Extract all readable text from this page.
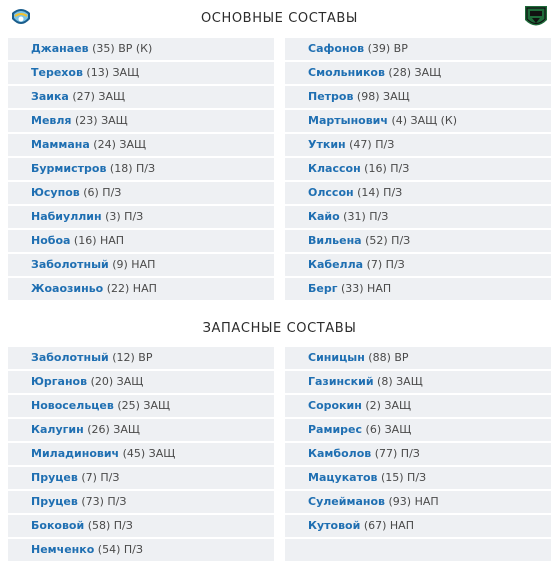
ОСНОВНЫЕ СОСТАВЫ
Джанаев (35) ВР (К)
Терехов (13) ЗАЩ
Заика (27) ЗАЩ
Мевля (23) ЗАЩ
Маммана (24) ЗАЩ
Бурмистров (18) П/З
Юсупов (6) П/З
Набиуллин (3) П/З
Нобоа (16) НАП
Заболотный (9) НАП
Жоаозиньо (22) НАП
Сафонов (39) ВР
Смольников (28) ЗАЩ
Петров (98) ЗАЩ
Мартынович (4) ЗАЩ (К)
Уткин (47) П/З
Классон (16) П/З
Олссон (14) П/З
Кайо (31) П/З
Вильена (52) П/З
Кабелла (7) П/З
Берг (33) НАП
ЗАПАСНЫЕ СОСТАВЫ
Заболотный (12) ВР
Юрганов (20) ЗАЩ
Новосельцев (25) ЗАЩ
Калугин (26) ЗАЩ
Миладинович (45) ЗАЩ
Пруцев (7) П/З
Пруцев (73) П/З
Боковой (58) П/З
Немченко (54) П/З
Синицын (88) ВР
Газинский (8) ЗАЩ
Сорокин (2) ЗАЩ
Рамирес (6) ЗАЩ
Камболов (77) П/З
Мацукатов (15) П/З
Сулейманов (93) НАП
Кутовой (67) НАП
